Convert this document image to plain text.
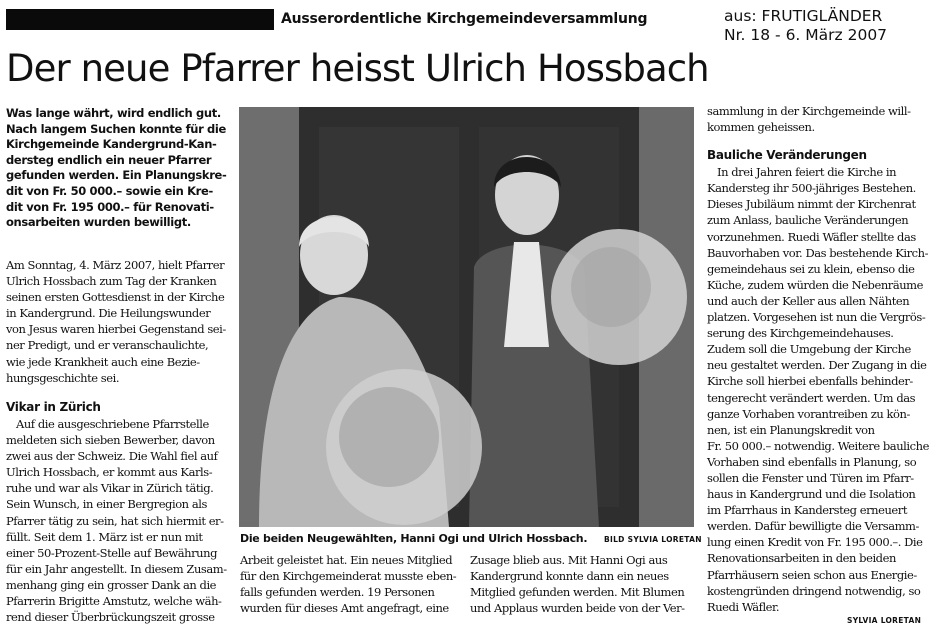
Ausserordentliche Kirchgemeindeversammlung	aus: FRUTIGLÄNDER
Nr. 18 - 6. März 2007
Der neue Pfarrer heisst Ulrich Hossbach
Was lange währt, wird endlich gut.
Nach langem Suchen konnte für die
Kirchgemeinde Kandergrund-Kan-
dersteg endlich ein neuer Pfarrer
gefunden werden. Ein Planungskre-
dit von Fr. 50 000.– sowie ein Kre-
dit von Fr. 195 000.– für Renovati-
onsarbeiten wurden bewilligt.
Am Sonntag, 4. März 2007, hielt Pfarrer
Ulrich Hossbach zum Tag der Kranken
seinen ersten Gottesdienst in der Kirche
in Kandergrund. Die Heilungswunder
von Jesus waren hierbei Gegenstand sei-
ner Predigt, und er veranschaulichte,
wie jede Krankheit auch eine Bezie-
hungsgeschichte sei.
Vikar in Zürich
Auf die ausgeschriebene Pfarrstelle
meldeten sich sieben Bewerber, davon
zwei aus der Schweiz. Die Wahl fiel auf
Ulrich Hossbach, er kommt aus Karls-
ruhe und war als Vikar in Zürich tätig.
Sein Wunsch, in einer Bergregion als
Pfarrer tätig zu sein, hat sich hiermit er-
füllt. Seit dem 1. März ist er nun mit
einer 50-Prozent-Stelle auf Bewährung
für ein Jahr angestellt. In diesem Zusam-
menhang ging ein grosser Dank an die
Pfarrerin Brigitte Amstutz, welche wäh-
rend dieser Überbrückungszeit grosse
Die beiden Neugewählten, Hanni Ogi und Ulrich Hossbach. BILD SYLVIA LORETAN
sammlung in der Kirchgemeinde will-
kommen geheissen.
Bauliche Veränderungen
In drei Jahren feiert die Kirche in
Kandersteg ihr 500-jähriges Bestehen.
Dieses Jubiläum nimmt der Kirchenrat
zum Anlass, bauliche Veränderungen
vorzunehmen. Ruedi Wäfler stellte das
Bauvorhaben vor. Das bestehende Kirch-
gemeindehaus sei zu klein, ebenso die
Küche, zudem würden die Nebenräume
und auch der Keller aus allen Nähten
platzen. Vorgesehen ist nun die Vergrös-
serung des Kirchgemeindehauses.
Zudem soll die Umgebung der Kirche
neu gestaltet werden. Der Zugang in die
Kirche soll hierbei ebenfalls behinder-
tengerecht verändert werden. Um das
ganze Vorhaben vorantreiben zu kön-
nen, ist ein Planungskredit von
Fr. 50 000.– notwendig. Weitere bauliche
Vorhaben sind ebenfalls in Planung, so
sollen die Fenster und Türen im Pfarr-
haus in Kandergrund und die Isolation
im Pfarrhaus in Kandersteg erneuert
werden. Dafür bewilligte die Versamm-
lung einen Kredit von Fr. 195 000.–. Die
Renovationsarbeiten in den beiden
Pfarrhäusern seien schon aus Energie-
kostengründen dringend notwendig, so
Ruedi Wäfler.
SYLVIA LORETAN
Arbeit geleistet hat. Ein neues Mitglied
für den Kirchgemeinderat musste eben-
falls gefunden werden. 19 Personen
wurden für dieses Amt angefragt, eine
Zusage blieb aus. Mit Hanni Ogi aus
Kandergrund konnte dann ein neues
Mitglied gefunden werden. Mit Blumen
und Applaus wurden beide von der Ver-
